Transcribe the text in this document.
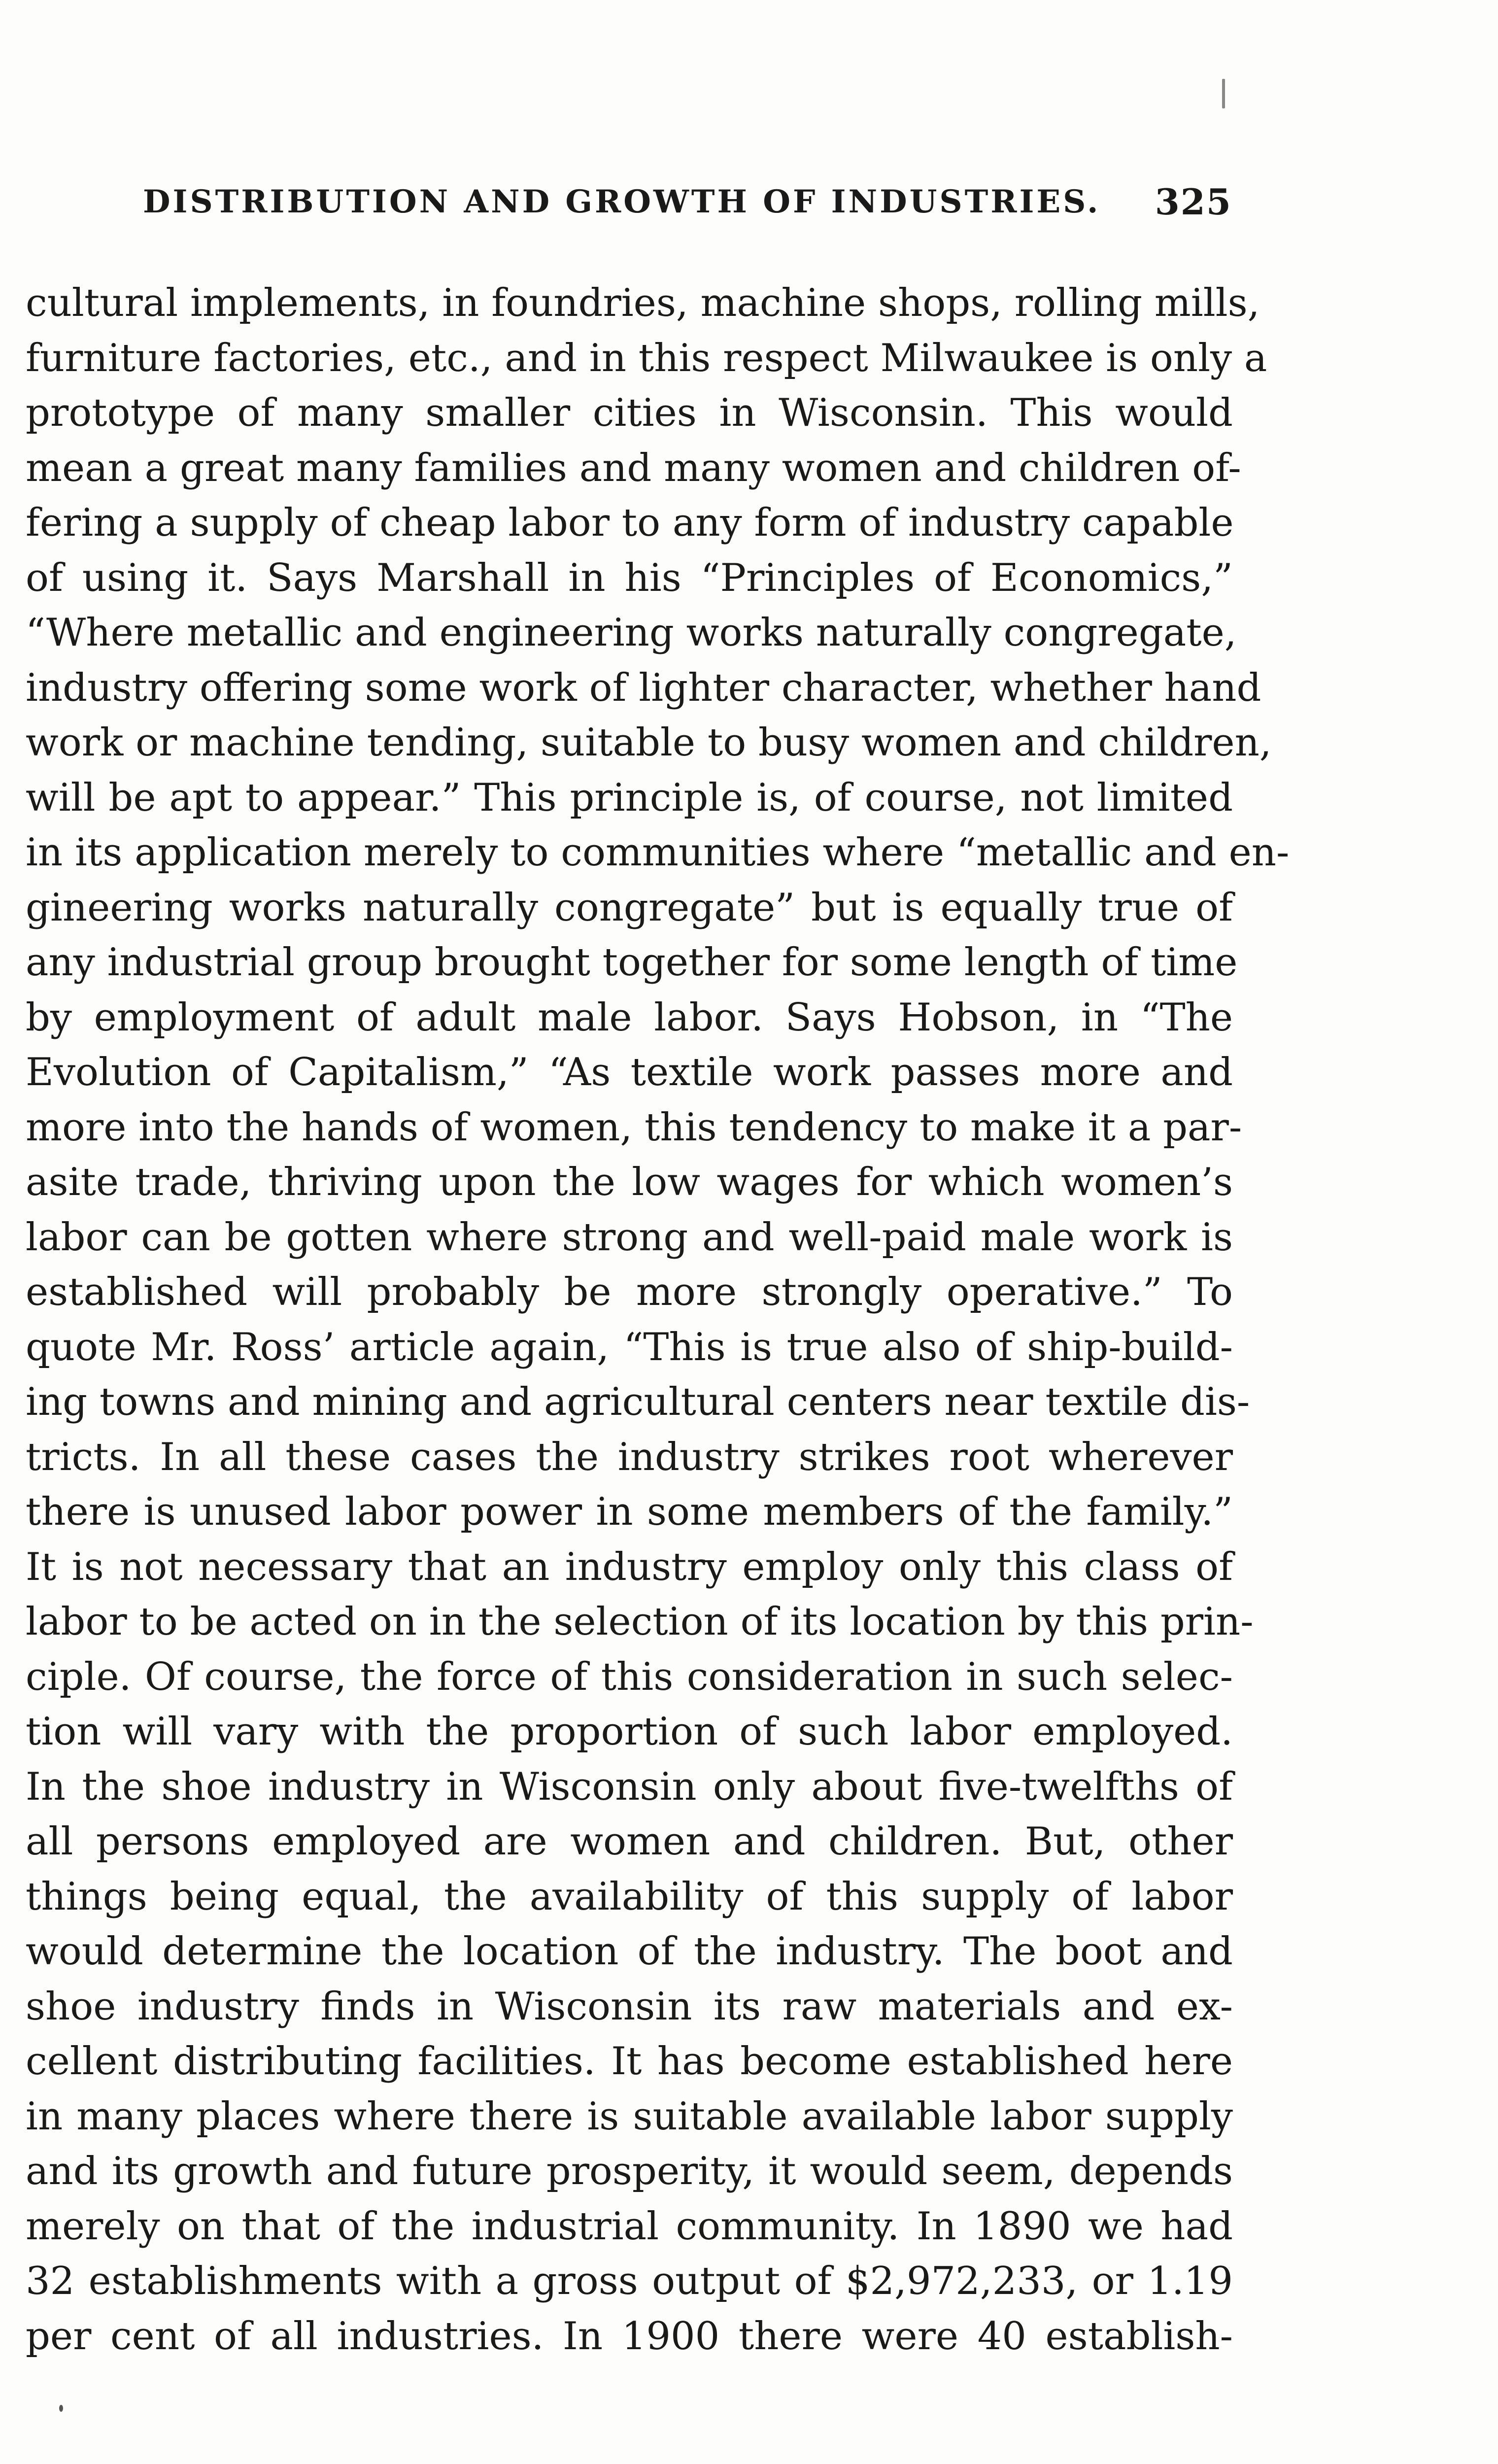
DISTRIBUTION AND GROWTH OF INDUSTRIES. 325
cultural implements, in foundries, machine shops, rolling mills,
furniture factories, etc., and in this respect Milwaukee is only a
prototype of many smaller cities in Wisconsin. This would
mean a great many families and many women and children of-
fering a supply of cheap labor to any form of industry capable
of using it. Says Marshall in his “Principles of Economics,”
“Where metallic and engineering works naturally congregate,
industry offering some work of lighter character, whether hand
work or machine tending, suitable to busy women and children,
will be apt to appear.” This principle is, of course, not limited
in its application merely to communities where “metallic and en-
gineering works naturally congregate” but is equally true of
any industrial group brought together for some length of time
by employment of adult male labor. Says Hobson, in “The
Evolution of Capitalism,” “As textile work passes more and
more into the hands of women, this tendency to make it a par-
asite trade, thriving upon the low wages for which women’s
labor can be gotten where strong and well-paid male work is
established will probably be more strongly operative.” To
quote Mr. Ross’ article again, “This is true also of ship-build-
ing towns and mining and agricultural centers near textile dis-
tricts. In all these cases the industry strikes root wherever
there is unused labor power in some members of the family.”
It is not necessary that an industry employ only this class of
labor to be acted on in the selection of its location by this prin-
ciple. Of course, the force of this consideration in such selec-
tion will vary with the proportion of such labor employed.
In the shoe industry in Wisconsin only about five-twelfths of
all persons employed are women and children. But, other
things being equal, the availability of this supply of labor
would determine the location of the industry. The boot and
shoe industry finds in Wisconsin its raw materials and ex-
cellent distributing facilities. It has become established here
in many places where there is suitable available labor supply
and its growth and future prosperity, it would seem, depends
merely on that of the industrial community. In 1890 we had
32 establishments with a gross output of $2,972,233, or 1.19
per cent of all industries. In 1900 there were 40 establish-
